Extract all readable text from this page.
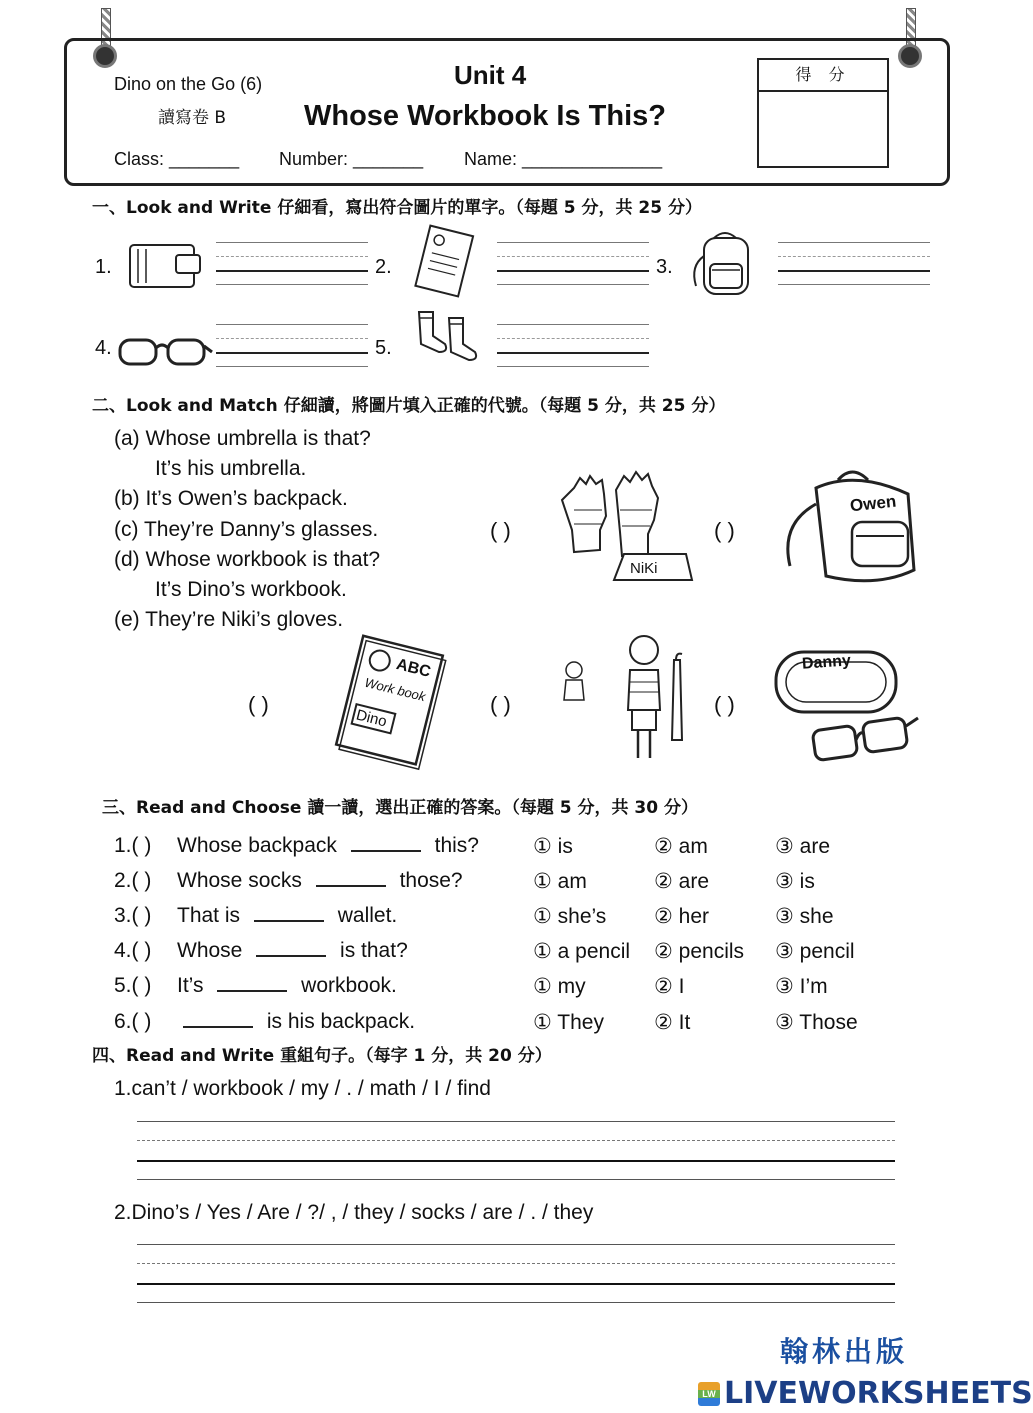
Dino on the Go (6)
讀寫卷 B
Unit 4
Whose Workbook Is This?
Class: _______ Number: _______ Name: ______________
得 分
一、Look and Write 仔細看，寫出符合圖片的單字。（每題 5 分，共 25 分）
1.	2.	3.
4.	5.
二、Look and Match 仔細讀，將圖片填入正確的代號。（每題 5 分，共 25 分）
(a) Whose umbrella is that?
It’s his umbrella.
(b) It’s Owen’s backpack.
(c) They’re Danny’s glasses.
(d) Whose workbook is that?
It’s Dino’s workbook.
(e) They’re Niki’s gloves.
( )
NiKi
( )
Owen
( )
ABC
Work book
Dino
( )	( )
Danny
三、Read and Choose 讀一讀，選出正確的答案。（每題 5 分，共 30 分）
1.( ) Whose backpack	this?	① is	② am	③ are
2.( ) Whose socks	those?	① am	② are	③ is
3.( ) That is	wallet.	① she’s ② her	③ she
4.( ) Whose	is that?	① a pencil ② pencils ③ pencil
5.( ) It’s	workbook.	① my	② I	③ I’m
6.( )	is his backpack.	① They ② It	③ Those
四、Read and Write 重組句子。（每字 1 分，共 20 分）
1.can’t / workbook / my / . / math / I / find
2.Dino’s / Yes / Are / ?/ , / they / socks / are / . / they
翰林出版
LW LIVEWORKSHEETS
